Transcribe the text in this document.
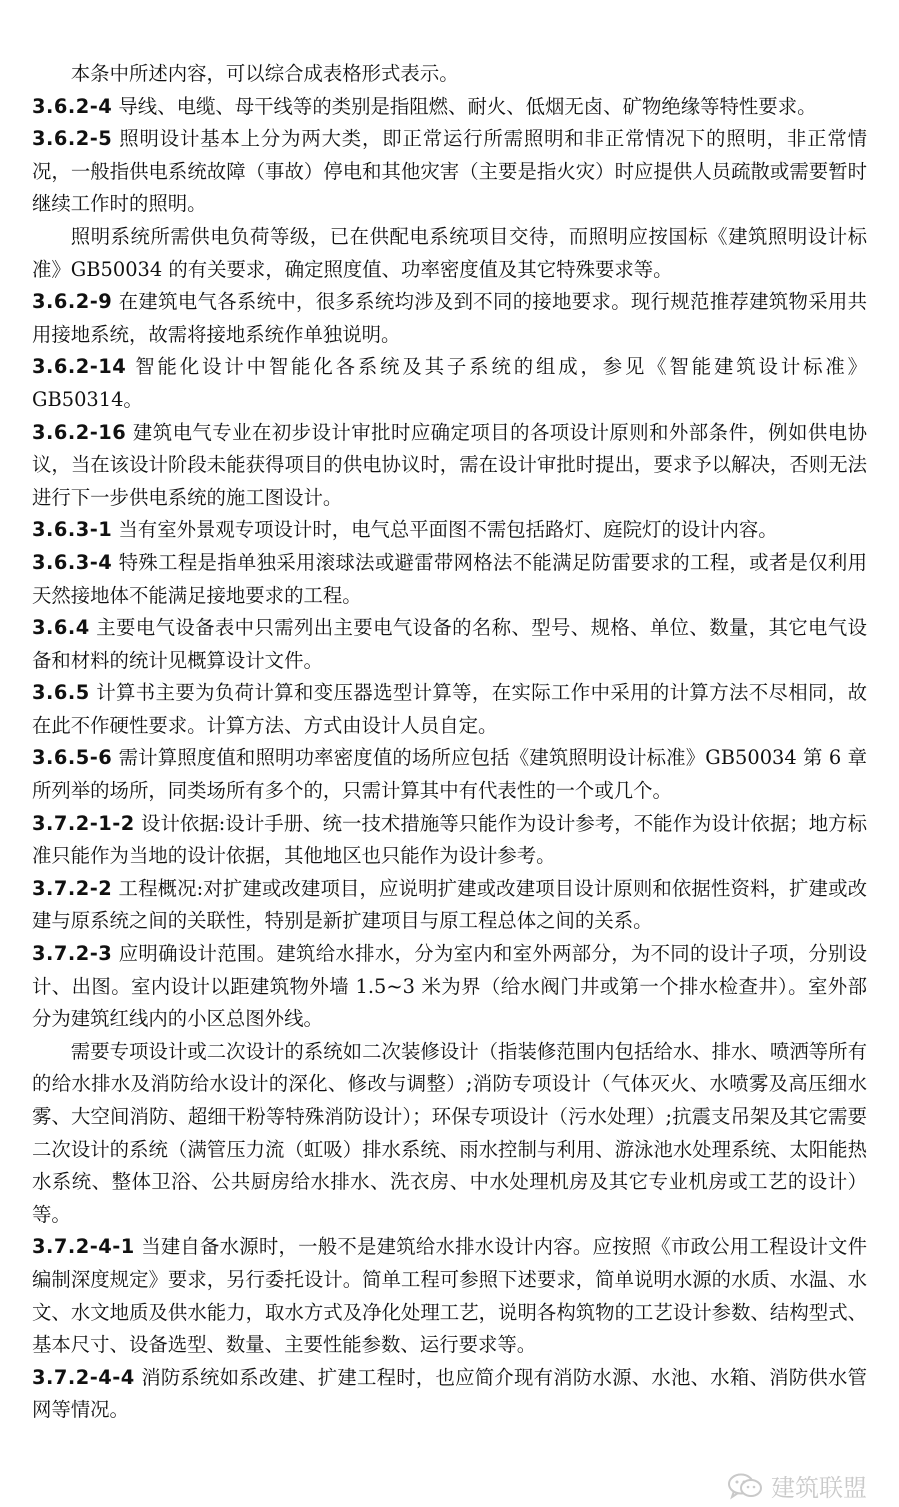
本条中所述内容，可以综合成表格形式表示。

3.6.2-4 导线、电缆、母干线等的类别是指阻燃、耐火、低烟无卤、矿物绝缘等特性要求。

3.6.2-5 照明设计基本上分为两大类，即正常运行所需照明和非正常情况下的照明，非正常情况，一般指供电系统故障（事故）停电和其他灾害（主要是指火灾）时应提供人员疏散或需要暂时继续工作时的照明。

照明系统所需供电负荷等级，已在供配电系统项目交待，而照明应按国标《建筑照明设计标准》GB50034 的有关要求，确定照度值、功率密度值及其它特殊要求等。

3.6.2-9 在建筑电气各系统中，很多系统均涉及到不同的接地要求。现行规范推荐建筑物采用共用接地系统，故需将接地系统作单独说明。

3.6.2-14 智能化设计中智能化各系统及其子系统的组成，参见《智能建筑设计标准》GB50314。

3.6.2-16 建筑电气专业在初步设计审批时应确定项目的各项设计原则和外部条件，例如供电协议，当在该设计阶段未能获得项目的供电协议时，需在设计审批时提出，要求予以解决，否则无法进行下一步供电系统的施工图设计。

3.6.3-1 当有室外景观专项设计时，电气总平面图不需包括路灯、庭院灯的设计内容。

3.6.3-4 特殊工程是指单独采用滚球法或避雷带网格法不能满足防雷要求的工程，或者是仅利用天然接地体不能满足接地要求的工程。

3.6.4 主要电气设备表中只需列出主要电气设备的名称、型号、规格、单位、数量，其它电气设备和材料的统计见概算设计文件。

3.6.5 计算书主要为负荷计算和变压器选型计算等，在实际工作中采用的计算方法不尽相同，故在此不作硬性要求。计算方法、方式由设计人员自定。

3.6.5-6 需计算照度值和照明功率密度值的场所应包括《建筑照明设计标准》GB50034 第 6 章所列举的场所，同类场所有多个的，只需计算其中有代表性的一个或几个。

3.7.2-1-2 设计依据:设计手册、统一技术措施等只能作为设计参考，不能作为设计依据；地方标准只能作为当地的设计依据，其他地区也只能作为设计参考。

3.7.2-2 工程概况:对扩建或改建项目，应说明扩建或改建项目设计原则和依据性资料，扩建或改建与原系统之间的关联性，特别是新扩建项目与原工程总体之间的关系。

3.7.2-3 应明确设计范围。建筑给水排水，分为室内和室外两部分，为不同的设计子项，分别设计、出图。室内设计以距建筑物外墙 1.5~3 米为界（给水阀门井或第一个排水检查井）。室外部分为建筑红线内的小区总图外线。

需要专项设计或二次设计的系统如二次装修设计（指装修范围内包括给水、排水、喷洒等所有的给水排水及消防给水设计的深化、修改与调整）;消防专项设计（气体灭火、水喷雾及高压细水雾、大空间消防、超细干粉等特殊消防设计）；环保专项设计（污水处理）;抗震支吊架及其它需要二次设计的系统（满管压力流（虹吸）排水系统、雨水控制与利用、游泳池水处理系统、太阳能热水系统、整体卫浴、公共厨房给水排水、洗衣房、中水处理机房及其它专业机房或工艺的设计）等。

3.7.2-4-1 当建自备水源时，一般不是建筑给水排水设计内容。应按照《市政公用工程设计文件编制深度规定》要求，另行委托设计。简单工程可参照下述要求，简单说明水源的水质、水温、水文、水文地质及供水能力，取水方式及净化处理工艺，说明各构筑物的工艺设计参数、结构型式、基本尺寸、设备选型、数量、主要性能参数、运行要求等。

3.7.2-4-4 消防系统如系改建、扩建工程时，也应简介现有消防水源、水池、水箱、消防供水管网等情况。

建筑联盟
